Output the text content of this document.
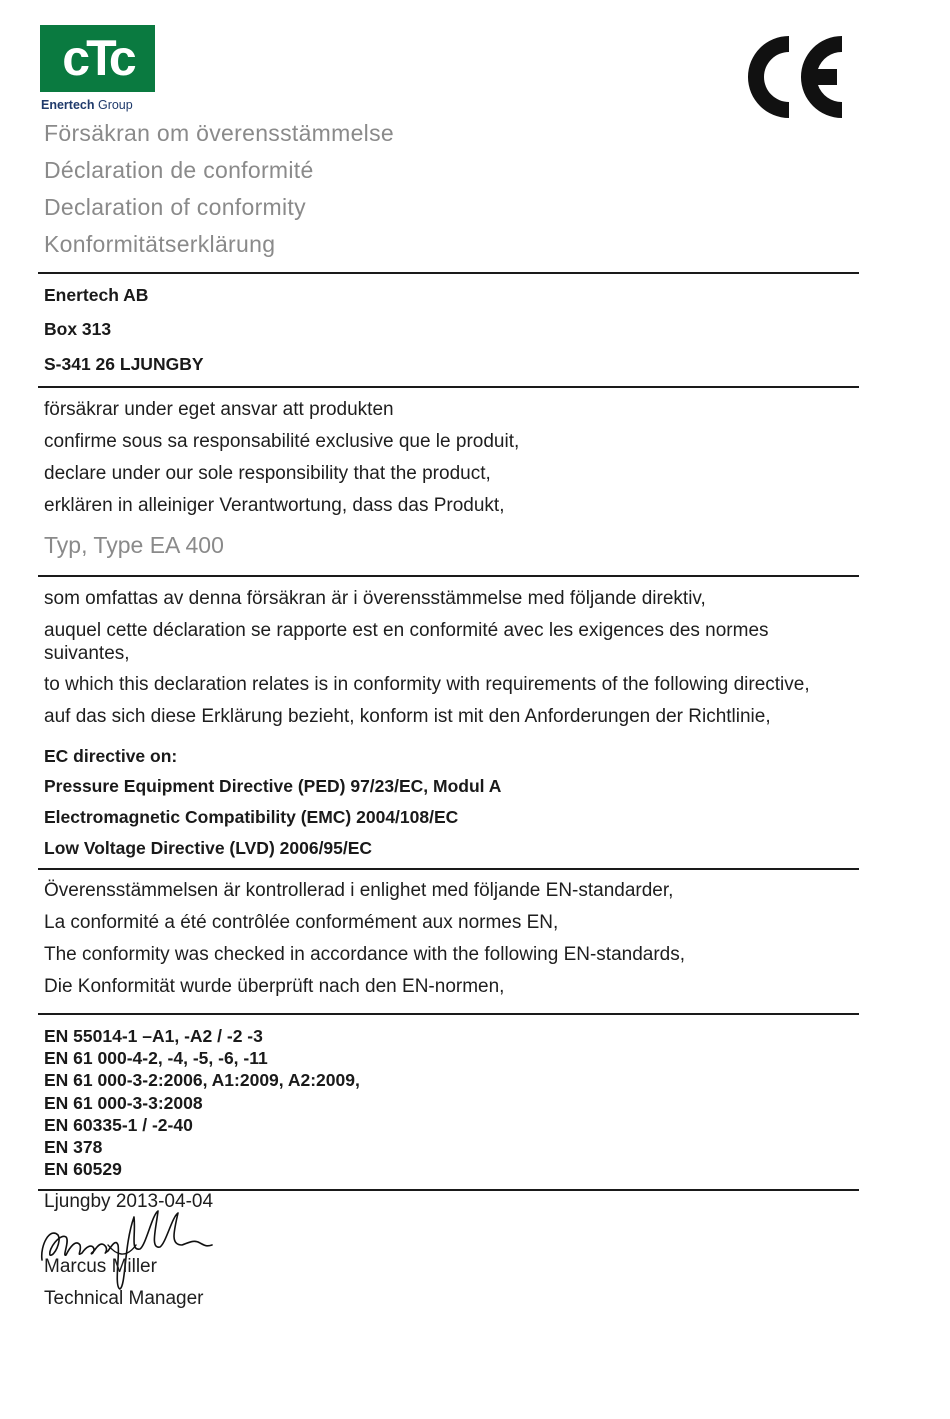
cTc
Enertech Group
Försäkran om överensstämmelse
Déclaration de conformité
Declaration of conformity
Konformitätserklärung
Enertech AB
Box 313
S-341 26 LJUNGBY
försäkrar under eget ansvar att produkten
confirme sous sa responsabilité exclusive que le produit,
declare under our sole responsibility that the product,
erklären in alleiniger Verantwortung, dass das Produkt,
Typ, Type EA 400
som omfattas av denna försäkran är i överensstämmelse med följande direktiv,
auquel cette déclaration se rapporte est en conformité avec les exigences des normes suivantes,
to which this declaration relates is in conformity with requirements of the following directive,
auf das sich diese Erklärung bezieht, konform ist mit den Anforderungen der Richtlinie,
EC directive on:
Pressure Equipment Directive (PED) 97/23/EC, Modul A
Electromagnetic Compatibility (EMC) 2004/108/EC
Low Voltage Directive (LVD) 2006/95/EC
Överensstämmelsen är kontrollerad i enlighet med följande EN-standarder,
La conformité a été contrôlée conformément aux normes EN,
The conformity was checked in accordance with the following EN-standards,
Die Konformität wurde überprüft nach den EN-normen,
EN 55014-1 –A1, -A2 / -2 -3
EN 61 000-4-2, -4, -5, -6, -11
EN 61 000-3-2:2006, A1:2009, A2:2009,
EN 61 000-3-3:2008
EN 60335-1 / -2-40
EN 378
EN 60529
Ljungby 2013-04-04
Marcus Miller
Technical Manager
